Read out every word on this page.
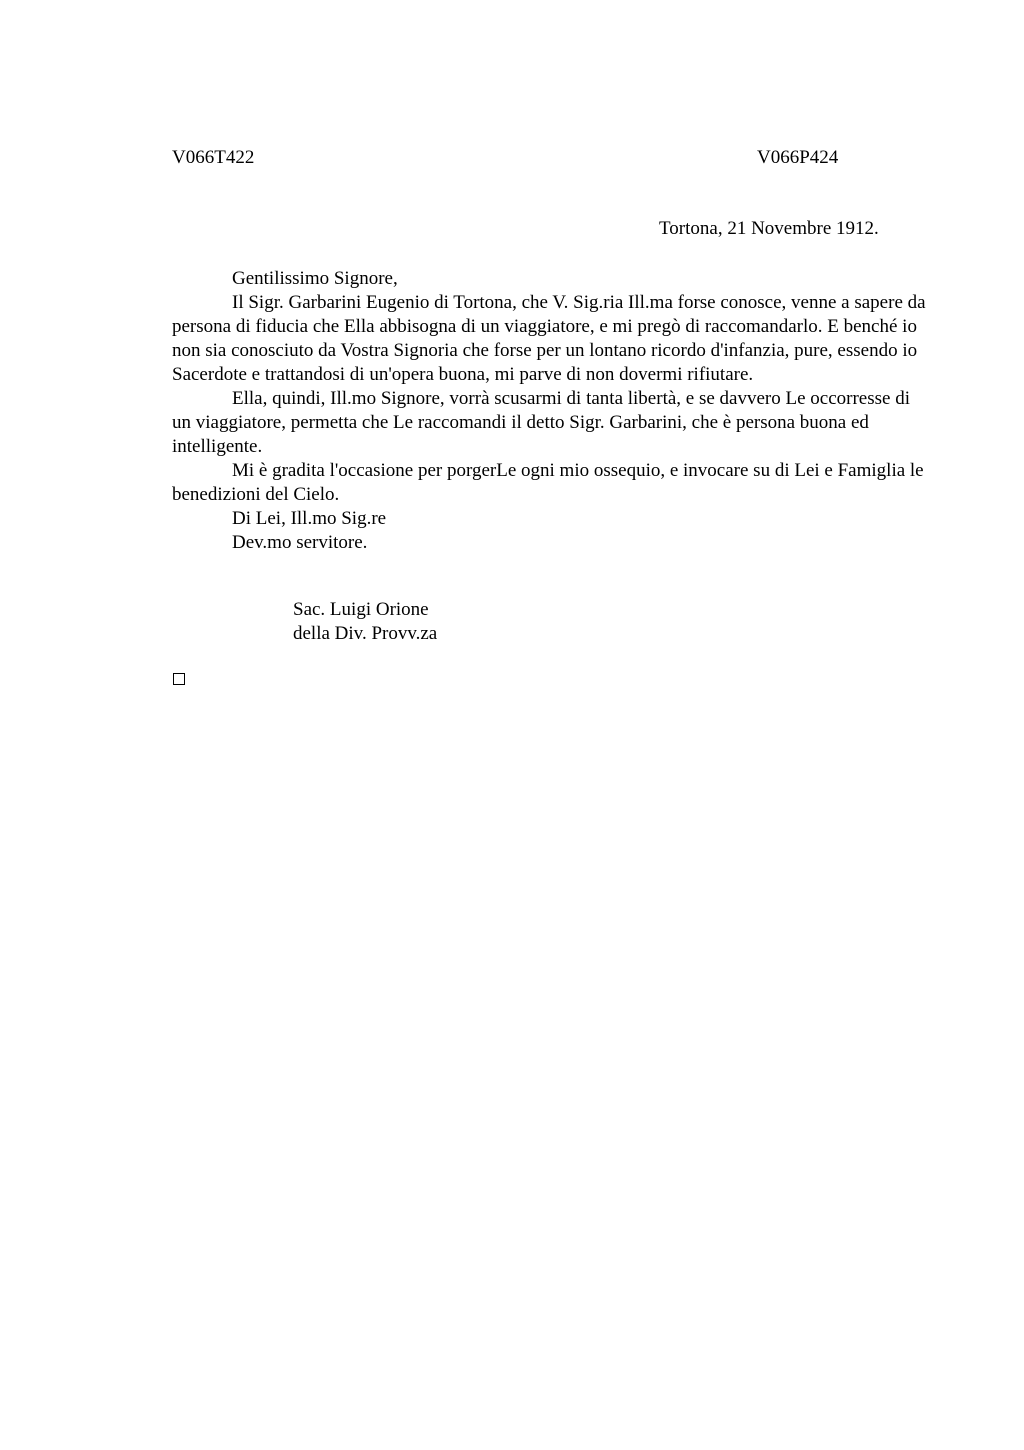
V066T422	V066P424
Tortona, 21 Novembre 1912.

Gentilissimo Signore,

Il Sigr. Garbarini Eugenio di Tortona, che V. Sig.ria Ill.ma forse conosce, venne a sapere da persona di fiducia che Ella abbisogna di un viaggiatore, e mi pregò di raccomandarlo. E benché io non sia conosciuto da Vostra Signoria che forse per un lontano ricordo d'infanzia, pure, essendo io Sacerdote e trattandosi di un'opera buona, mi parve di non dovermi rifiutare.

Ella, quindi, Ill.mo Signore, vorrà scusarmi di tanta libertà, e se davvero Le occorresse di un viaggiatore, permetta che Le raccomandi il detto Sigr. Garbarini, che è persona buona ed intelligente.

Mi è gradita l'occasione per porgerLe ogni mio ossequio, e invocare su di Lei e Famiglia le benedizioni del Cielo.

Di Lei, Ill.mo Sig.re

Dev.mo servitore.

Sac. Luigi Orione

della Div. Provv.za
